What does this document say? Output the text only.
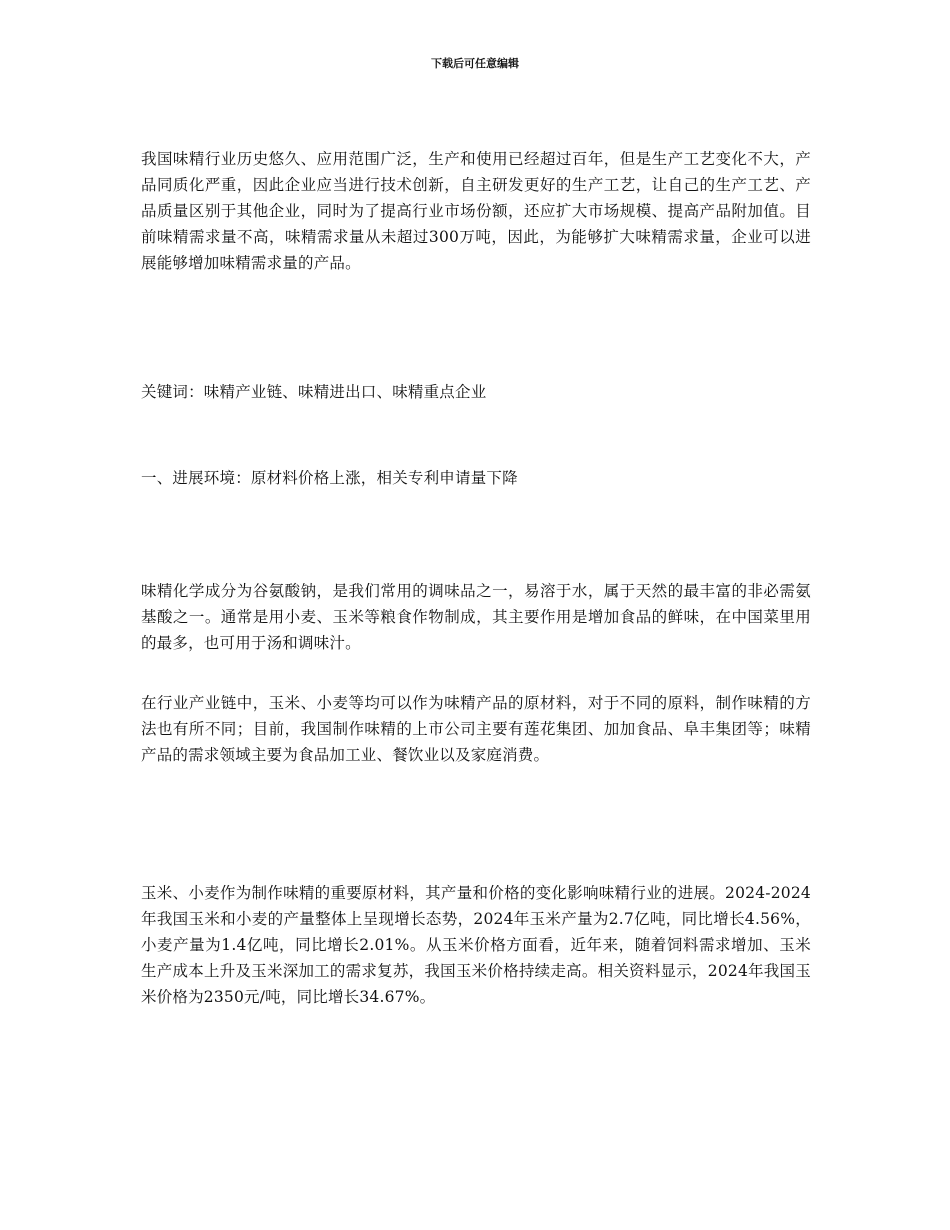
下载后可任意编辑

我国味精行业历史悠久、应用范围广泛，生产和使用已经超过百年，但是生产工艺变化不大，产品同质化严重，因此企业应当进行技术创新，自主研发更好的生产工艺，让自己的生产工艺、产品质量区别于其他企业，同时为了提高行业市场份额，还应扩大市场规模、提高产品附加值。目前味精需求量不高，味精需求量从未超过300万吨，因此，为能够扩大味精需求量，企业可以进展能够增加味精需求量的产品。

关键词：味精产业链、味精进出口、味精重点企业

一、进展环境：原材料价格上涨，相关专利申请量下降

味精化学成分为谷氨酸钠，是我们常用的调味品之一，易溶于水，属于天然的最丰富的非必需氨基酸之一。通常是用小麦、玉米等粮食作物制成，其主要作用是增加食品的鲜味，在中国菜里用的最多，也可用于汤和调味汁。

在行业产业链中，玉米、小麦等均可以作为味精产品的原材料，对于不同的原料，制作味精的方法也有所不同；目前，我国制作味精的上市公司主要有莲花集团、加加食品、阜丰集团等；味精产品的需求领域主要为食品加工业、餐饮业以及家庭消费。

玉米、小麦作为制作味精的重要原材料，其产量和价格的变化影响味精行业的进展。2024-2024年我国玉米和小麦的产量整体上呈现增长态势，2024年玉米产量为2.7亿吨，同比增长4.56%，小麦产量为1.4亿吨，同比增长2.01%。从玉米价格方面看，近年来，随着饲料需求增加、玉米生产成本上升及玉米深加工的需求复苏，我国玉米价格持续走高。相关资料显示，2024年我国玉米价格为2350元/吨，同比增长34.67%。
